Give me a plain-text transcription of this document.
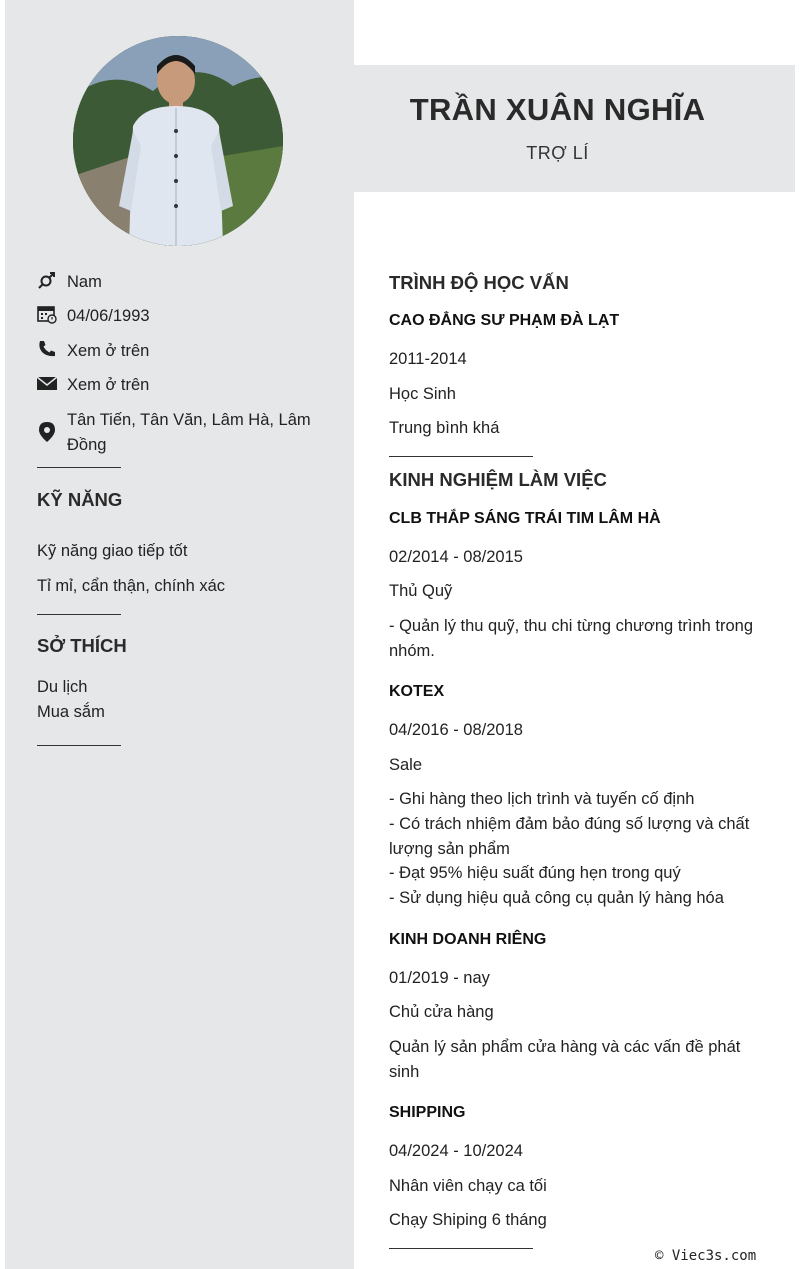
TRẦN XUÂN NGHĨA
TRỢ LÍ
Nam
04/06/1993
Xem ở trên
Xem ở trên
Tân Tiến, Tân Văn, Lâm Hà, Lâm Đồng
KỸ NĂNG
Kỹ năng giao tiếp tốt
Tỉ mỉ, cẩn thận, chính xác
SỞ THÍCH
Du lịch
Mua sắm
TRÌNH ĐỘ HỌC VẤN
CAO ĐẲNG SƯ PHẠM ĐÀ LẠT
2011-2014
Học Sinh
Trung bình khá
KINH NGHIỆM LÀM VIỆC
CLB THẮP SÁNG TRÁI TIM LÂM HÀ
02/2014 - 08/2015
Thủ Quỹ
- Quản lý thu quỹ, thu chi từng chương trình trong nhóm.
KOTEX
04/2016 - 08/2018
Sale
- Ghi hàng theo lịch trình và tuyến cố định
- Có trách nhiệm đảm bảo đúng số lượng và chất lượng sản phẩm
- Đạt 95% hiệu suất đúng hẹn trong quý
- Sử dụng hiệu quả công cụ quản lý hàng hóa
KINH DOANH RIÊNG
01/2019 - nay
Chủ cửa hàng
Quản lý sản phẩm cửa hàng và các vấn đề phát sinh
SHIPPING
04/2024 - 10/2024
Nhân viên chạy ca tối
Chạy Shiping 6 tháng
© Viec3s.com
